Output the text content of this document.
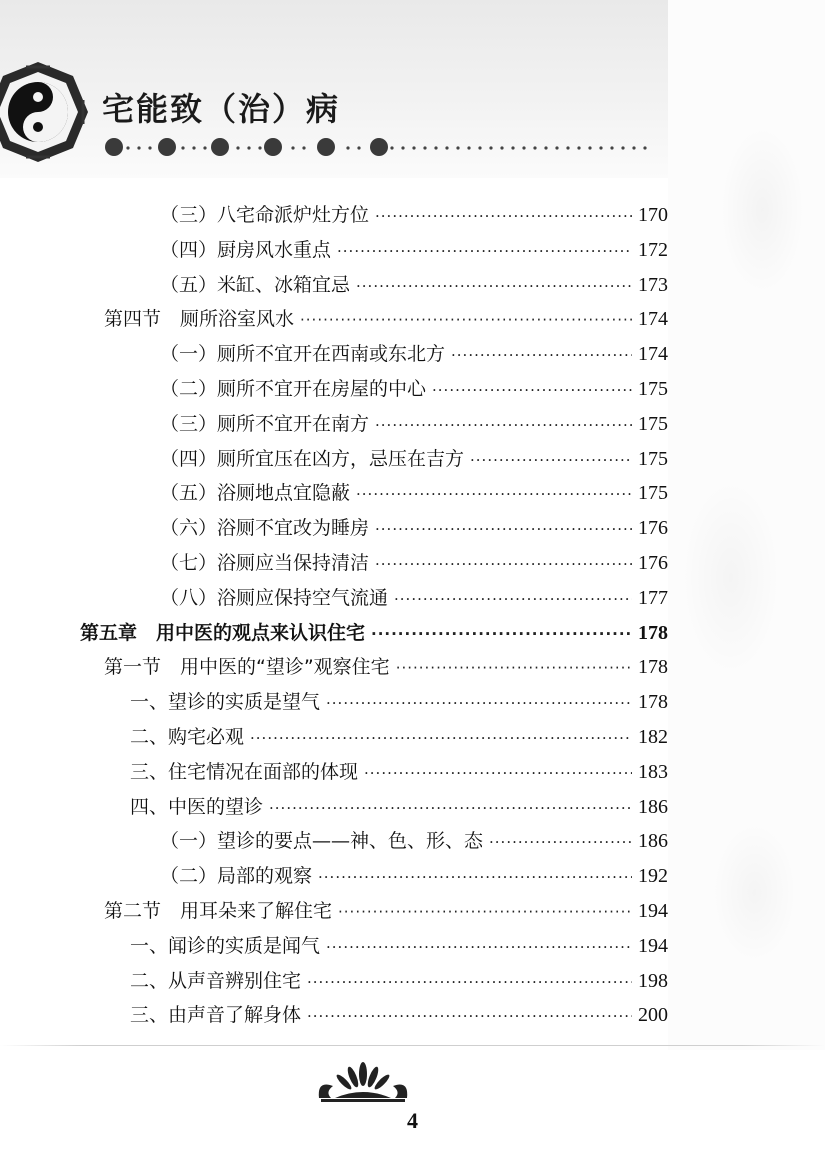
宅能致（治）病
（三）八宅命派炉灶方位 ·····	170
（四）厨房风水重点 ·····	172
（五）米缸、冰箱宜忌 ·····	173
第四节　厕所浴室风水 ·····	174
（一）厕所不宜开在西南或东北方 ·····	174
（二）厕所不宜开在房屋的中心 ·····	175
（三）厕所不宜开在南方 ·····	175
（四）厕所宜压在凶方，忌压在吉方 ·····	175
（五）浴厕地点宜隐蔽 ·····	175
（六）浴厕不宜改为睡房 ·····	176
（七）浴厕应当保持清洁 ·····	176
（八）浴厕应保持空气流通 ·····	177
第五章　用中医的观点来认识住宅 ·····	178
第一节　用中医的“望诊”观察住宅 ·····	178
一、望诊的实质是望气 ·····	178
二、购宅必观 ·····	182
三、住宅情况在面部的体现 ·····	183
四、中医的望诊 ·····	186
（一）望诊的要点——神、色、形、态 ·····	186
（二）局部的观察 ·····	192
第二节　用耳朵来了解住宅 ·····	194
一、闻诊的实质是闻气 ·····	194
二、从声音辨别住宅 ·····	198
三、由声音了解身体 ·····	200
4
